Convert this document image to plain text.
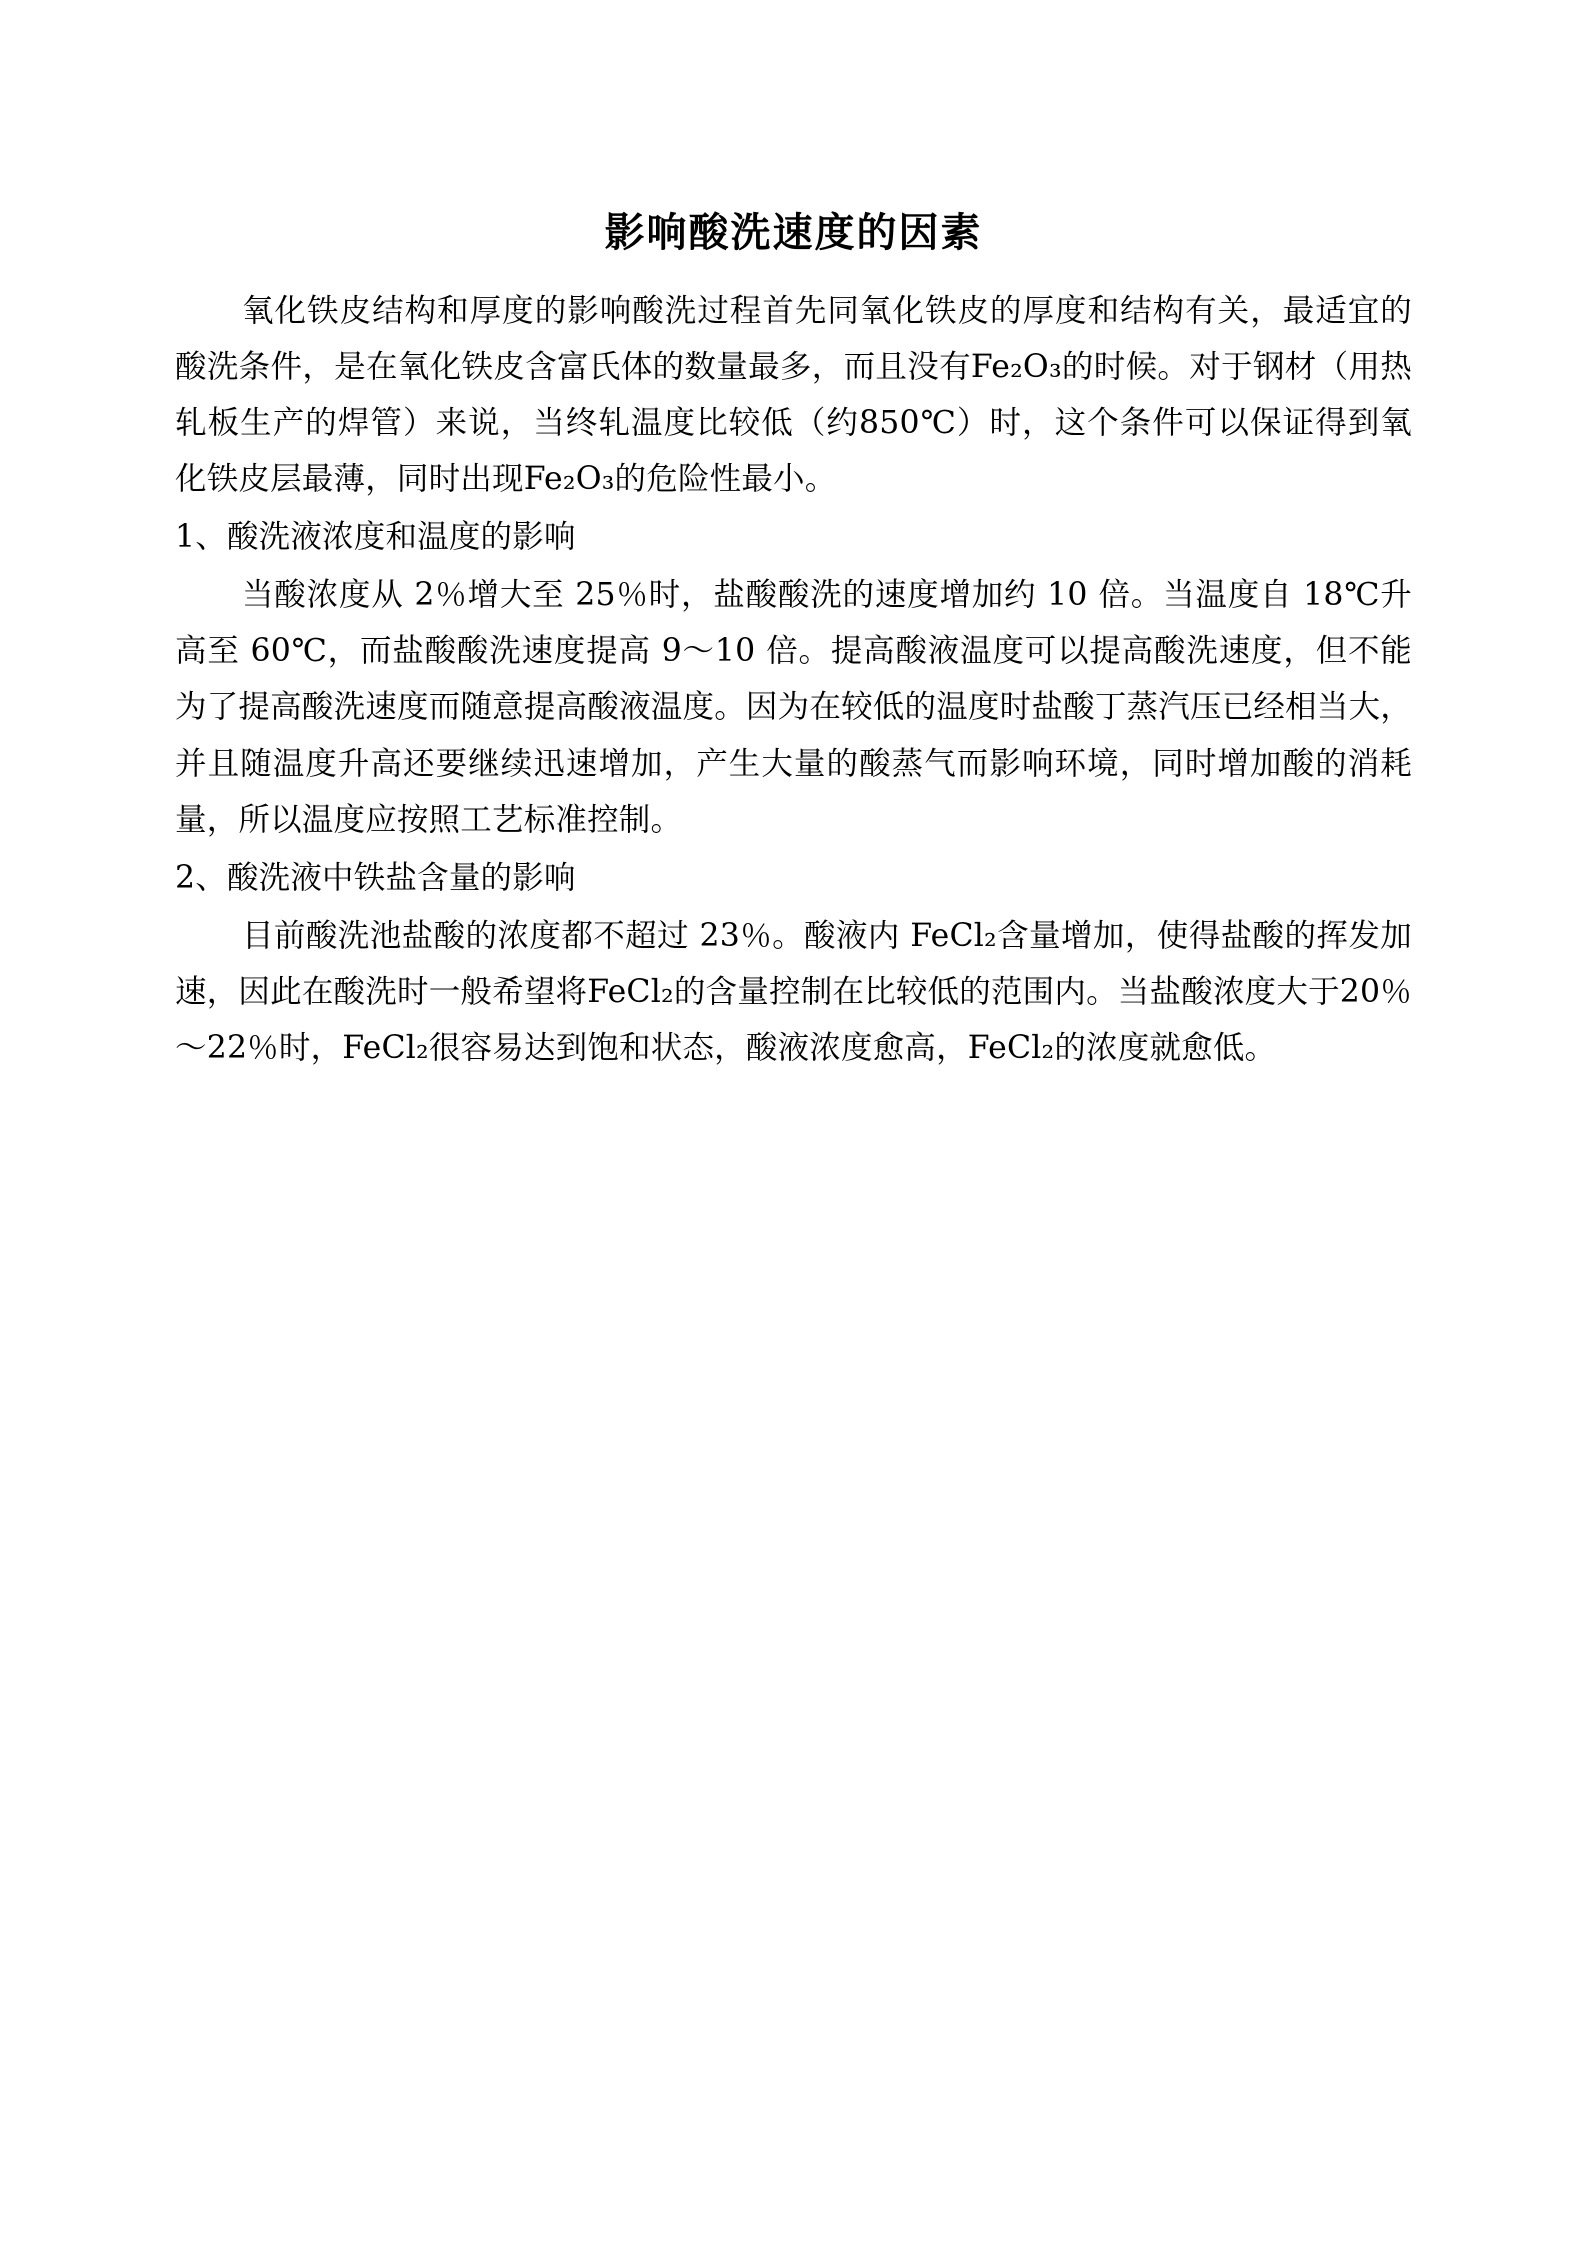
影响酸洗速度的因素

氧化铁皮结构和厚度的影响酸洗过程首先同氧化铁皮的厚度和结构有关，最适宜的酸洗条件，是在氧化铁皮含富氏体的数量最多，而且没有Fe₂O₃的时候。对于钢材（用热轧板生产的焊管）来说，当终轧温度比较低（约850℃）时，这个条件可以保证得到氧化铁皮层最薄，同时出现Fe₂O₃的危险性最小。

1、酸洗液浓度和温度的影响

当酸浓度从 2％增大至 25％时，盐酸酸洗的速度增加约 10 倍。当温度自 18℃升高至 60℃，而盐酸酸洗速度提高 9～10 倍。提高酸液温度可以提高酸洗速度，但不能为了提高酸洗速度而随意提高酸液温度。因为在较低的温度时盐酸丁蒸汽压已经相当大，并且随温度升高还要继续迅速增加，产生大量的酸蒸气而影响环境，同时增加酸的消耗量，所以温度应按照工艺标准控制。

2、酸洗液中铁盐含量的影响

目前酸洗池盐酸的浓度都不超过 23％。酸液内 FeCl₂含量增加，使得盐酸的挥发加速，因此在酸洗时一般希望将FeCl₂的含量控制在比较低的范围内。当盐酸浓度大于20％～22％时，FeCl₂很容易达到饱和状态，酸液浓度愈高，FeCl₂的浓度就愈低。
